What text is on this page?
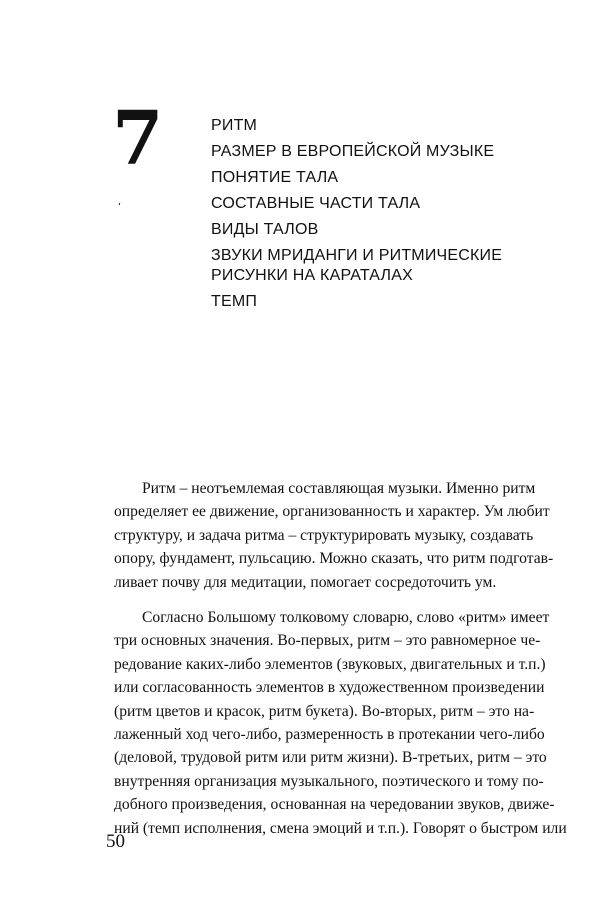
7
ʻ
РИТМ
РАЗМЕР В ЕВРОПЕЙСКОЙ МУЗЫКЕ
ПОНЯТИЕ ТАЛА
СОСТАВНЫЕ ЧАСТИ ТАЛА
ВИДЫ ТАЛОВ
ЗВУКИ МРИДАНГИ И РИТМИЧЕСКИЕ
РИСУНКИ НА КАРАТАЛАХ
ТЕМП

Ритм – неотъемлемая составляющая музыки. Именно ритм
определяет ее движение, организованность и характер. Ум любит
структуру, и задача ритма – структурировать музыку, создавать
опору, фундамент, пульсацию. Можно сказать, что ритм подготав-
ливает почву для медитации, помогает сосредоточить ум.

Согласно Большому толковому словарю, слово «ритм» имеет
три основных значения. Во-первых, ритм – это равномерное че-
редование каких-либо элементов (звуковых, двигательных и т.п.)
или согласованность элементов в художественном произведении
(ритм цветов и красок, ритм букета). Во-вторых, ритм – это на-
лаженный ход чего-либо, размеренность в протекании чего-либо
(деловой, трудовой ритм или ритм жизни). В-третьих, ритм – это
внутренняя организация музыкального, поэтического и тому по-
добного произведения, основанная на чередовании звуков, движе-
ний (темп исполнения, смена эмоций и т.п.). Говорят о быстром или

50
